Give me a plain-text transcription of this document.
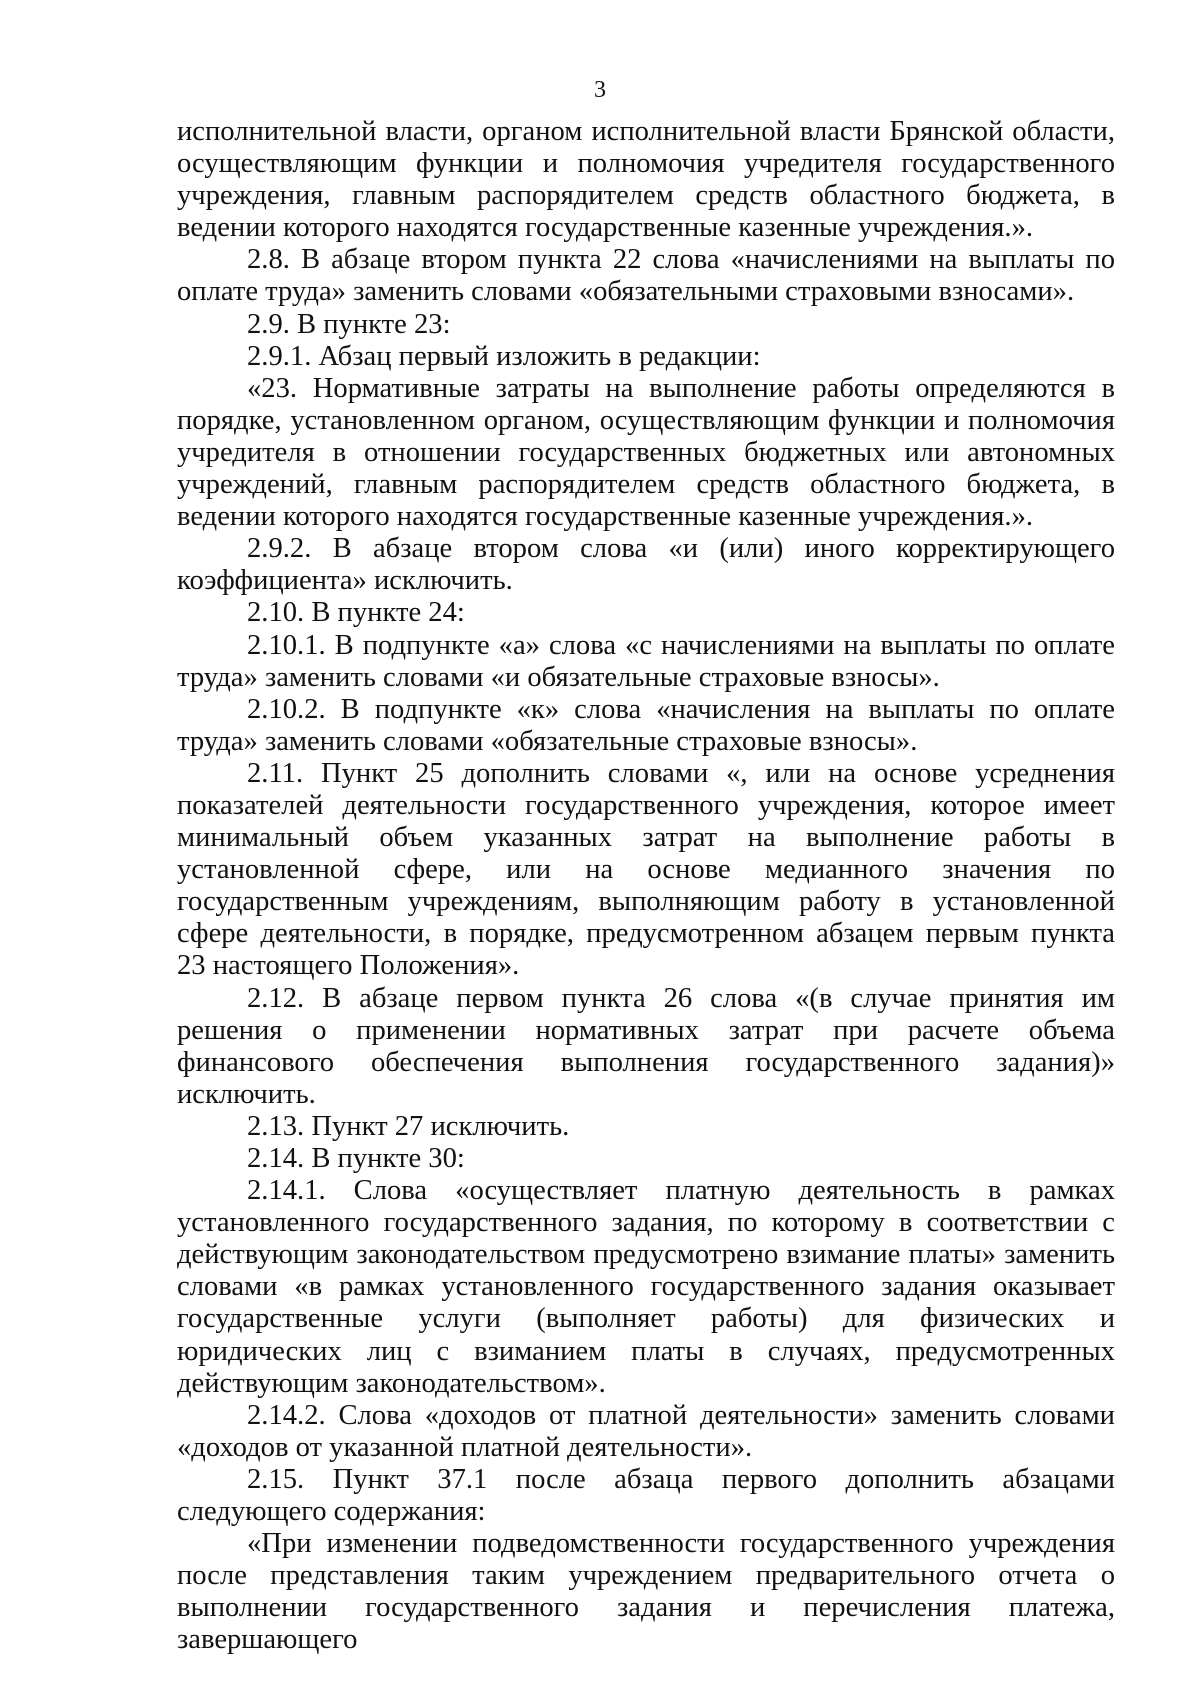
3

исполнительной власти, органом исполнительной власти Брянской области, осуществляющим функции и полномочия учредителя государственного учреждения, главным распорядителем средств областного бюджета, в ведении которого находятся государственные казенные учреждения.».

2.8. В абзаце втором пункта 22 слова «начислениями на выплаты по оплате труда» заменить словами «обязательными страховыми взносами».

2.9. В пункте 23:

2.9.1. Абзац первый изложить в редакции:

«23. Нормативные затраты на выполнение работы определяются в порядке, установленном органом, осуществляющим функции и полномочия учредителя в отношении государственных бюджетных или автономных учреждений, главным распорядителем средств областного бюджета, в ведении которого находятся государственные казенные учреждения.».

2.9.2. В абзаце втором слова «и (или) иного корректирующего коэффициента» исключить.

2.10. В пункте 24:

2.10.1. В подпункте «а» слова «с начислениями на выплаты по оплате труда» заменить словами «и обязательные страховые взносы».

2.10.2. В подпункте «к» слова «начисления на выплаты по оплате труда» заменить словами «обязательные страховые взносы».

2.11. Пункт 25 дополнить словами «, или на основе усреднения показателей деятельности государственного учреждения, которое имеет минимальный объем указанных затрат на выполнение работы в установленной сфере, или на основе медианного значения по государственным учреждениям, выполняющим работу в установленной сфере деятельности, в порядке, предусмотренном абзацем первым пункта 23 настоящего Положения».

2.12. В абзаце первом пункта 26 слова «(в случае принятия им решения о применении нормативных затрат при расчете объема финансового обеспечения выполнения государственного задания)» исключить.

2.13. Пункт 27 исключить.

2.14. В пункте 30:

2.14.1. Слова «осуществляет платную деятельность в рамках установленного государственного задания, по которому в соответствии с действующим законодательством предусмотрено взимание платы» заменить словами «в рамках установленного государственного задания оказывает государственные услуги (выполняет работы) для физических и юридических лиц с взиманием платы в случаях, предусмотренных действующим законодательством».

2.14.2. Слова «доходов от платной деятельности» заменить словами «доходов от указанной платной деятельности».

2.15. Пункт 37.1 после абзаца первого дополнить абзацами следующего содержания:

«При изменении подведомственности государственного учреждения после представления таким учреждением предварительного отчета о выполнении государственного задания и перечисления платежа, завершающего
